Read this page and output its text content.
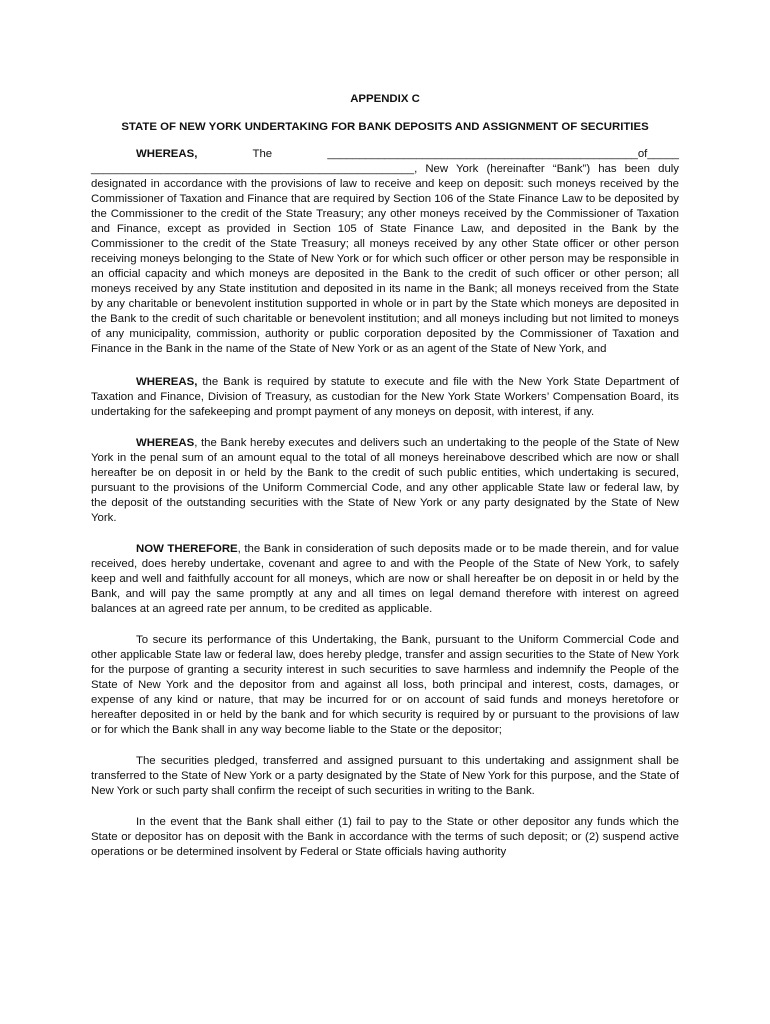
APPENDIX C
STATE OF NEW YORK UNDERTAKING FOR BANK DEPOSITS AND ASSIGNMENT OF SECURITIES

WHEREAS, The _________________________________________________of_____ ___________________________________________________, New York (hereinafter “Bank”) has been duly designated in accordance with the provisions of law to receive and keep on deposit: such moneys received by the Commissioner of Taxation and Finance that are required by Section 106 of the State Finance Law to be deposited by the Commissioner to the credit of the State Treasury; any other moneys received by the Commissioner of Taxation and Finance, except as provided in Section 105 of State Finance Law, and deposited in the Bank by the Commissioner to the credit of the State Treasury; all moneys received by any other State officer or other person receiving moneys belonging to the State of New York or for which such officer or other person may be responsible in an official capacity and which moneys are deposited in the Bank to the credit of such officer or other person; all moneys received by any State institution and deposited in its name in the Bank; all moneys received from the State by any charitable or benevolent institution supported in whole or in part by the State which moneys are deposited in the Bank to the credit of such charitable or benevolent institution; and all moneys including but not limited to moneys of any municipality, commission, authority or public corporation deposited by the Commissioner of Taxation and Finance in the Bank in the name of the State of New York or as an agent of the State of New York, and

WHEREAS, the Bank is required by statute to execute and file with the New York State Department of Taxation and Finance, Division of Treasury, as custodian for the New York State Workers’ Compensation Board, its undertaking for the safekeeping and prompt payment of any moneys on deposit, with interest, if any.

WHEREAS, the Bank hereby executes and delivers such an undertaking to the people of the State of New York in the penal sum of an amount equal to the total of all moneys hereinabove described which are now or shall hereafter be on deposit in or held by the Bank to the credit of such public entities, which undertaking is secured, pursuant to the provisions of the Uniform Commercial Code, and any other applicable State law or federal law, by the deposit of the outstanding securities with the State of New York or any party designated by the State of New York.

NOW THEREFORE, the Bank in consideration of such deposits made or to be made therein, and for value received, does hereby undertake, covenant and agree to and with the People of the State of New York, to safely keep and well and faithfully account for all moneys, which are now or shall hereafter be on deposit in or held by the Bank, and will pay the same promptly at any and all times on legal demand therefore with interest on agreed balances at an agreed rate per annum, to be credited as applicable.

To secure its performance of this Undertaking, the Bank, pursuant to the Uniform Commercial Code and other applicable State law or federal law, does hereby pledge, transfer and assign securities to the State of New York for the purpose of granting a security interest in such securities to save harmless and indemnify the People of the State of New York and the depositor from and against all loss, both principal and interest, costs, damages, or expense of any kind or nature, that may be incurred for or on account of said funds and moneys heretofore or hereafter deposited in or held by the bank and for which security is required by or pursuant to the provisions of law or for which the Bank shall in any way become liable to the State or the depositor;

The securities pledged, transferred and assigned pursuant to this undertaking and assignment shall be transferred to the State of New York or a party designated by the State of New York for this purpose, and the State of New York or such party shall confirm the receipt of such securities in writing to the Bank.

In the event that the Bank shall either (1) fail to pay to the State or other depositor any funds which the State or depositor has on deposit with the Bank in accordance with the terms of such deposit; or (2) suspend active operations or be determined insolvent by Federal or State officials having authority
